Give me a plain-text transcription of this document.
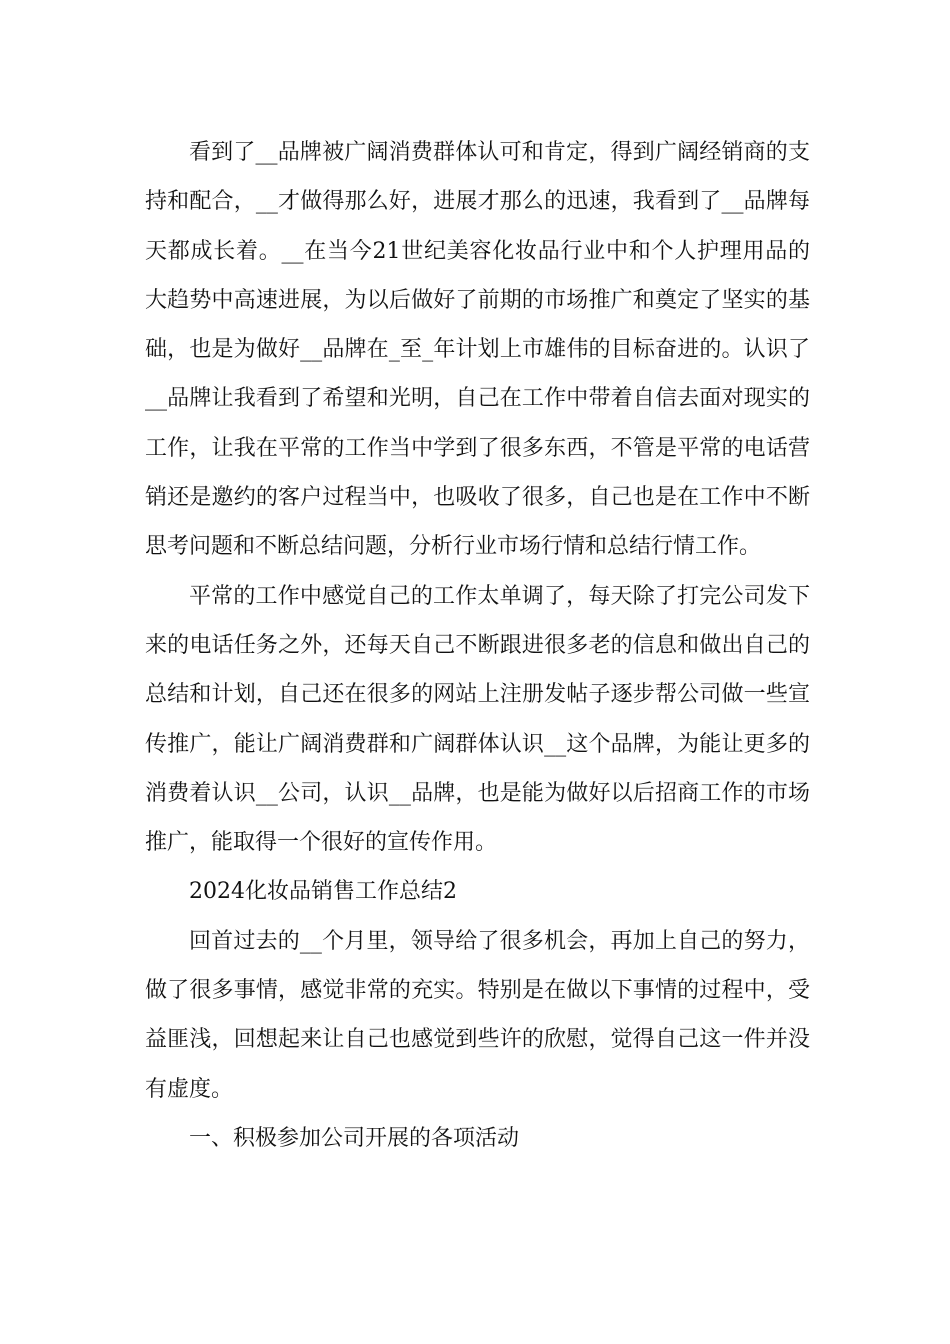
看到了__品牌被广阔消费群体认可和肯定，得到广阔经销商的支持和配合，__才做得那么好，进展才那么的迅速，我看到了__品牌每天都成长着。__在当今21世纪美容化妆品行业中和个人护理用品的大趋势中高速进展，为以后做好了前期的市场推广和奠定了坚实的基础，也是为做好__品牌在_至_年计划上市雄伟的目标奋进的。认识了__品牌让我看到了希望和光明，自己在工作中带着自信去面对现实的工作，让我在平常的工作当中学到了很多东西，不管是平常的电话营销还是邀约的客户过程当中，也吸收了很多，自己也是在工作中不断思考问题和不断总结问题，分析行业市场行情和总结行情工作。

平常的工作中感觉自己的工作太单调了，每天除了打完公司发下来的电话任务之外，还每天自己不断跟进很多老的信息和做出自己的总结和计划，自己还在很多的网站上注册发帖子逐步帮公司做一些宣传推广，能让广阔消费群和广阔群体认识__这个品牌，为能让更多的消费着认识__公司，认识__品牌，也是能为做好以后招商工作的市场推广，能取得一个很好的宣传作用。

2024化妆品销售工作总结2

回首过去的__个月里，领导给了很多机会，再加上自己的努力，做了很多事情，感觉非常的充实。特别是在做以下事情的过程中，受益匪浅，回想起来让自己也感觉到些许的欣慰，觉得自己这一件并没有虚度。

一、积极参加公司开展的各项活动
